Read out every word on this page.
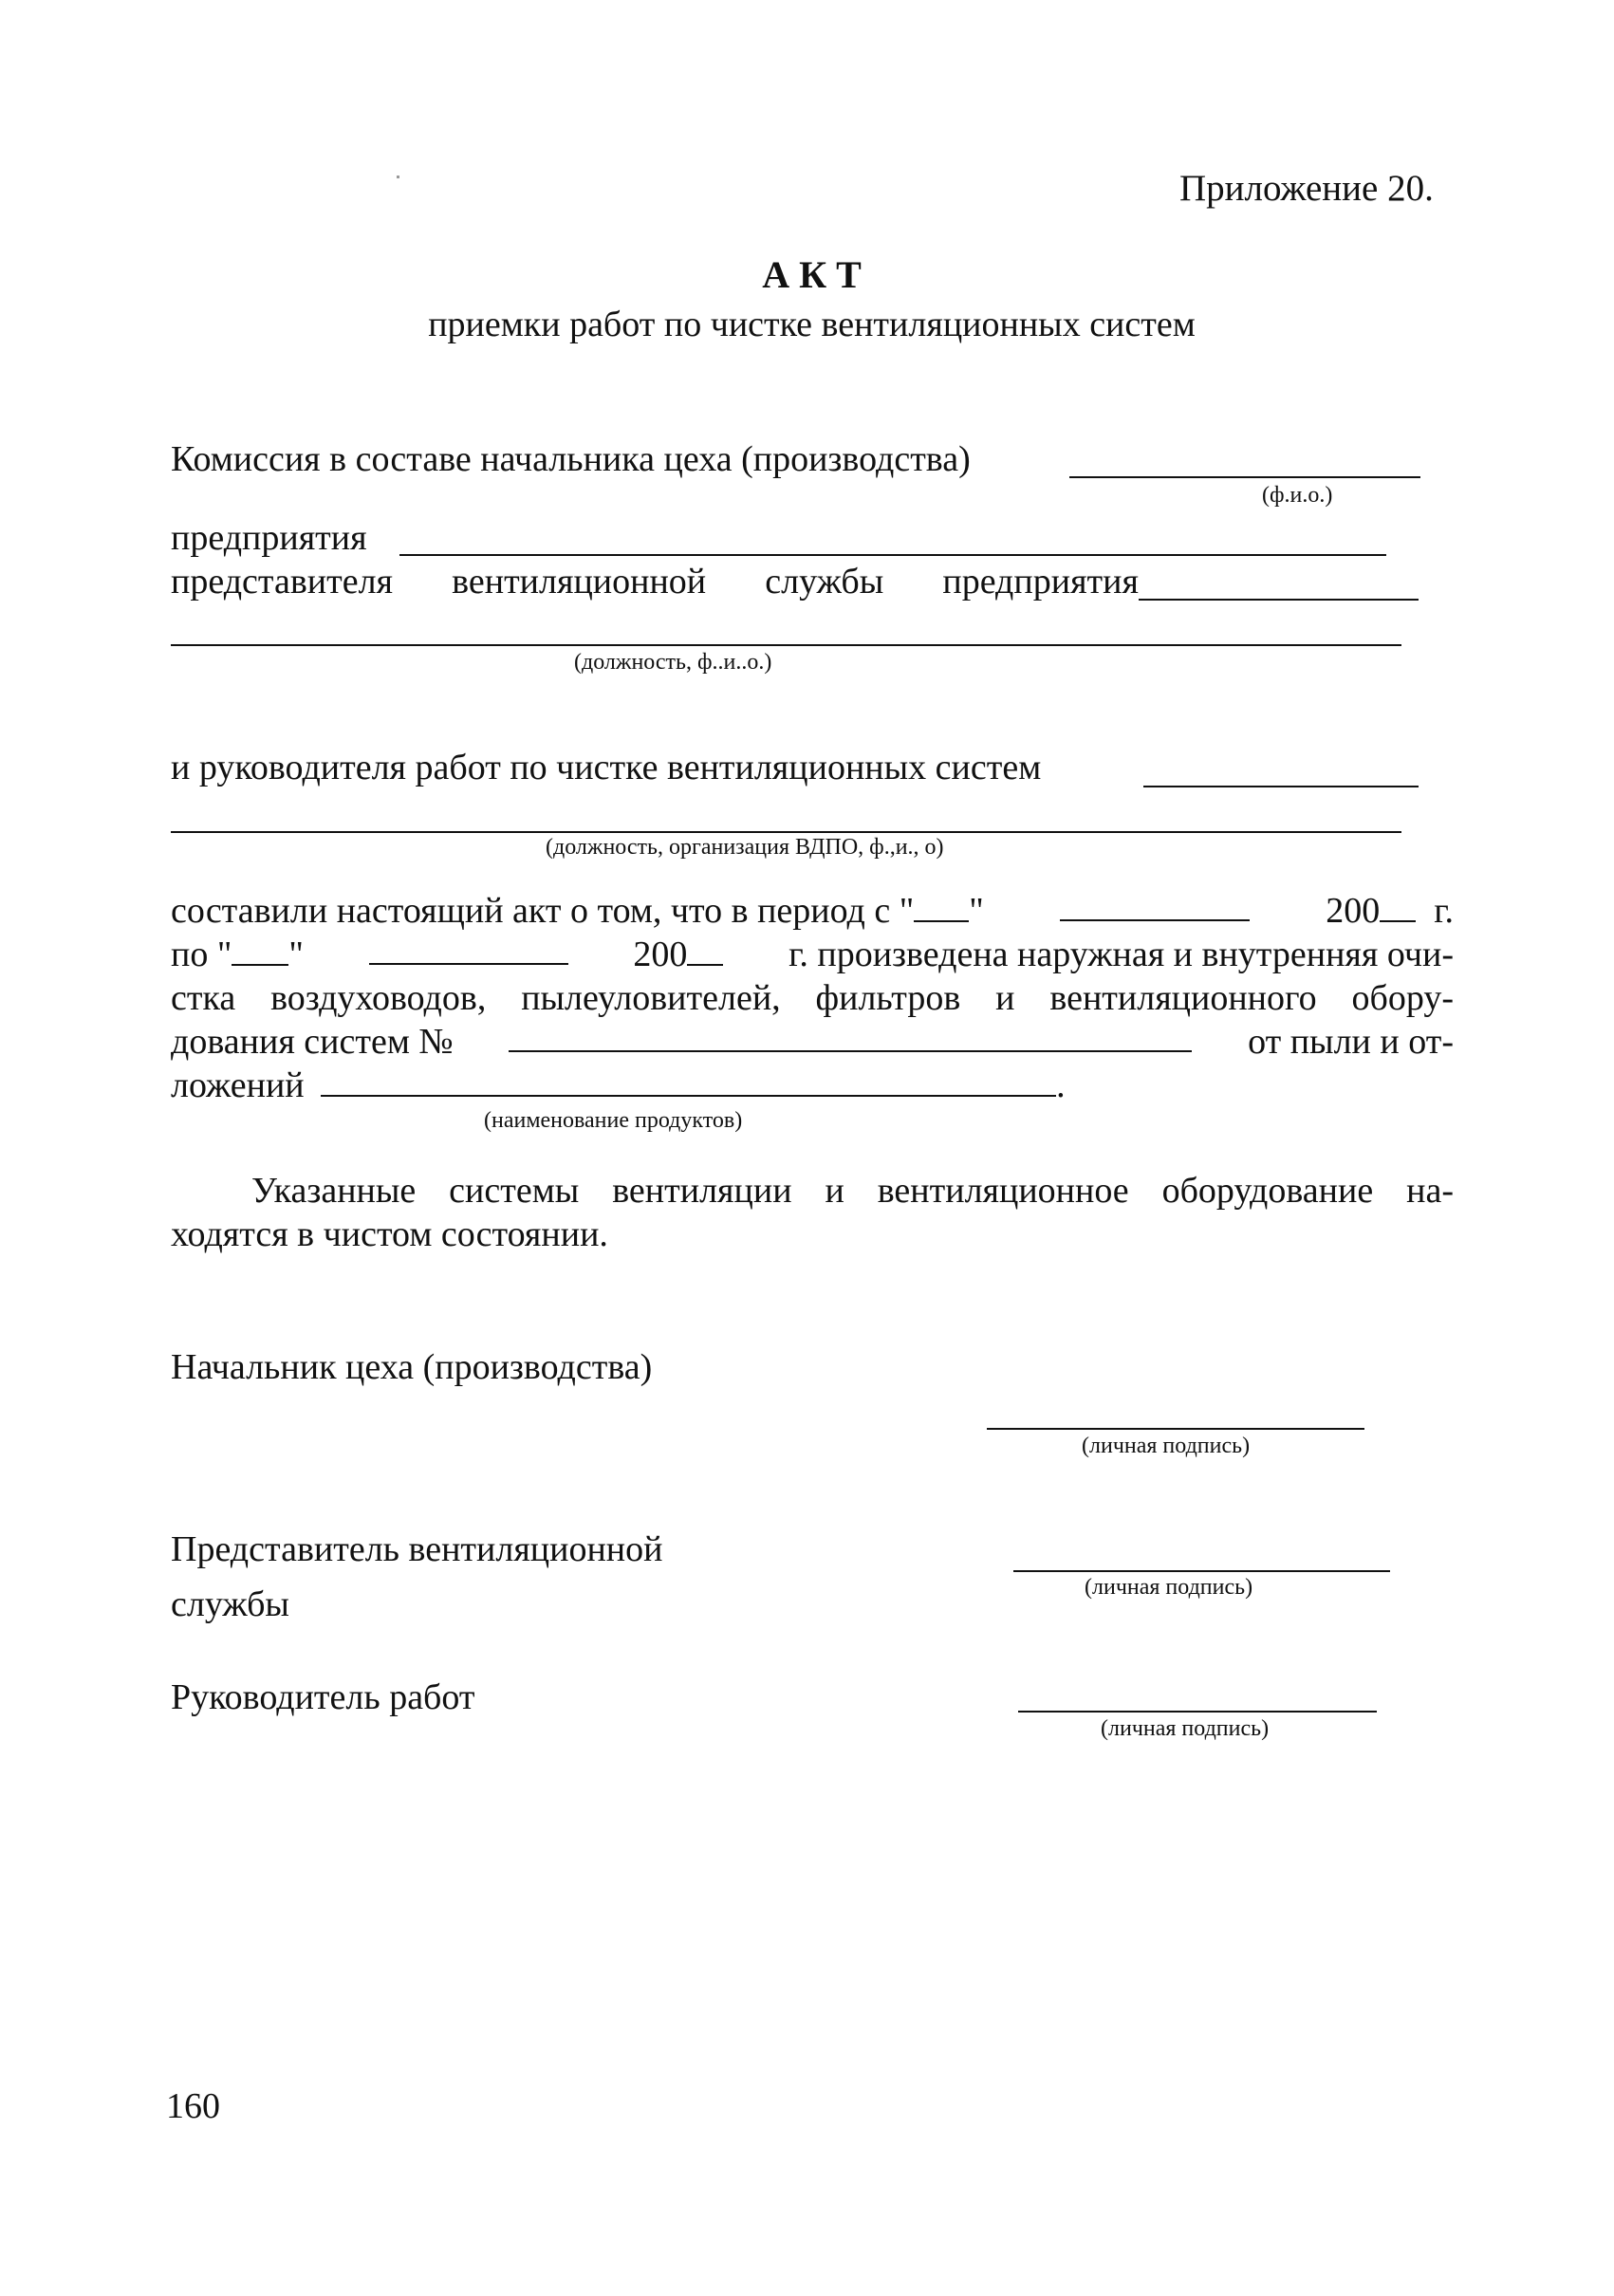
Приложение 20.
А К Т
приемки работ по чистке вентиляционных систем
Комиссия в составе начальника цеха (производства)
(ф.и.о.)
предприятия
представителя вентиляционной службы предприятия
(должность, ф..и..о.)
и руководителя работ по чистке вентиляционных систем
(должность, организация ВДПО, ф.,и., о)
составили настоящий акт о том, что в период с " "	200 г.
по " "	200	г. произведена наружная и внутренняя очи-
стка воздуховодов, пылеуловителей, фильтров и вентиляционного обору-
дования систем №	от пыли и от-
ложений	.
(наименование продуктов)
Указанные системы вентиляции и вентиляционное оборудование на-
ходятся в чистом состоянии.
Начальник цеха (производства)
(личная подпись)
Представитель вентиляционной
службы	(личная подпись)
Руководитель работ
(личная подпись)
160
